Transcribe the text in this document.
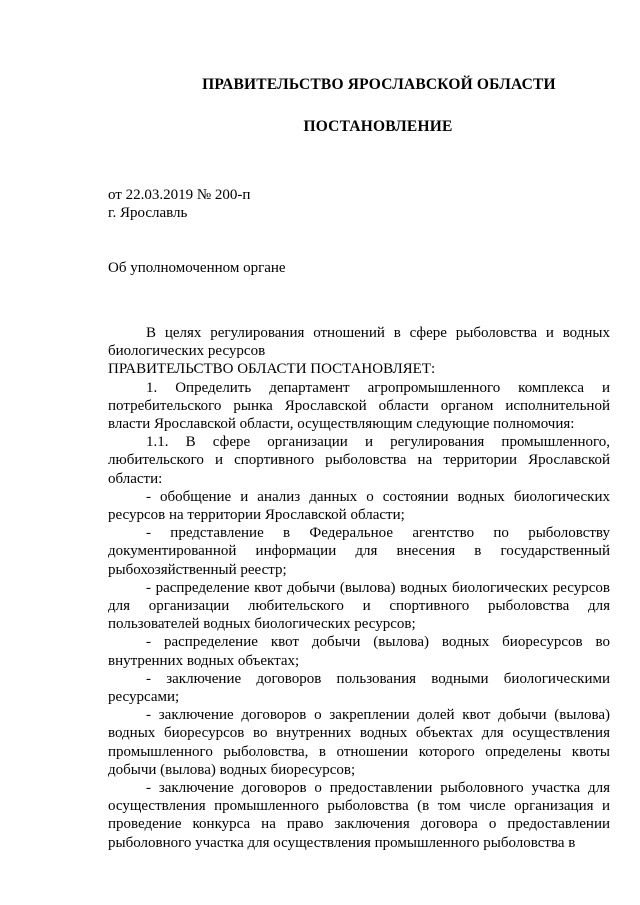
ПРАВИТЕЛЬСТВО ЯРОСЛАВСКОЙ ОБЛАСТИ
ПОСТАНОВЛЕНИЕ
от 22.03.2019 № 200-п
г. Ярославль
Об уполномоченном органе

В целях регулирования отношений в сфере рыболовства и водных биологических ресурсов

ПРАВИТЕЛЬСТВО ОБЛАСТИ ПОСТАНОВЛЯЕТ:

1. Определить департамент агропромышленного комплекса и потребительского рынка Ярославской области органом исполнительной власти Ярославской области, осуществляющим следующие полномочия:

1.1. В сфере организации и регулирования промышленного, любительского и спортивного рыболовства на территории Ярославской области:

- обобщение и анализ данных о состоянии водных биологических ресурсов на территории Ярославской области;

- представление в Федеральное агентство по рыболовству документированной информации для внесения в государственный рыбохозяйственный реестр;

- распределение квот добычи (вылова) водных биологических ресурсов для организации любительского и спортивного рыболовства для пользователей водных биологических ресурсов;

- распределение квот добычи (вылова) водных биоресурсов во внутренних водных объектах;

- заключение договоров пользования водными биологическими ресурсами;

- заключение договоров о закреплении долей квот добычи (вылова) водных биоресурсов во внутренних водных объектах для осуществления промышленного рыболовства, в отношении которого определены квоты добычи (вылова) водных биоресурсов;

- заключение договоров о предоставлении рыболовного участка для осуществления промышленного рыболовства (в том числе организация и проведение конкурса на право заключения договора о предоставлении рыболовного участка для осуществления промышленного рыболовства в
